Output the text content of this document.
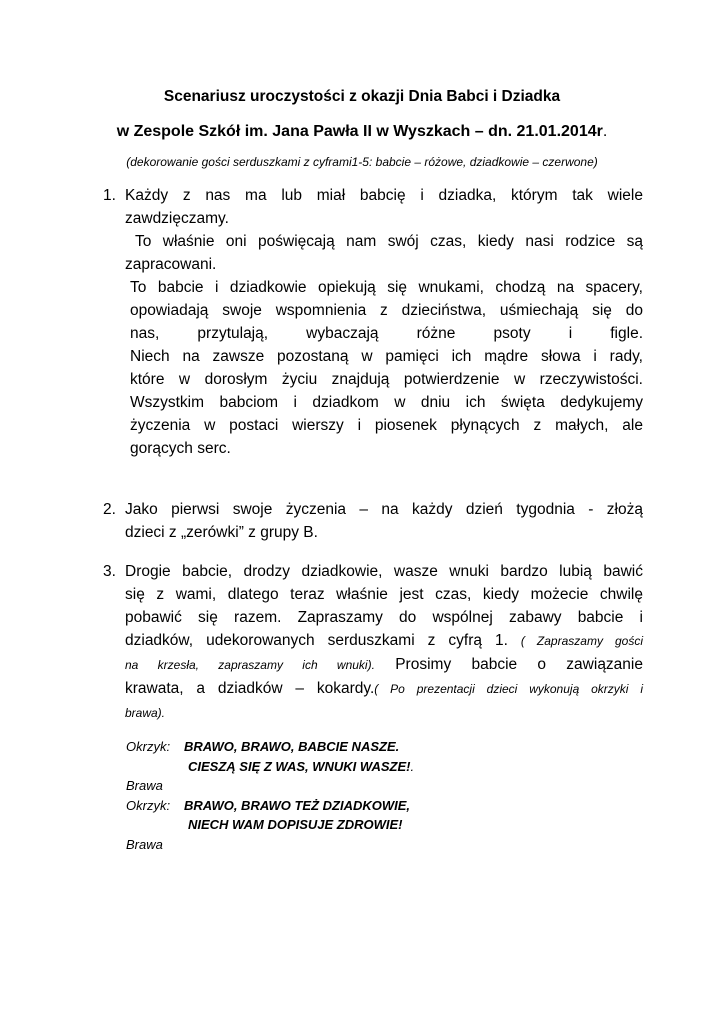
Scenariusz uroczystości z okazji Dnia Babci i Dziadka
w Zespole Szkół im. Jana Pawła II w Wyszkach – dn. 21.01.2014r.
(dekorowanie gości serduszkami z cyframi1-5: babcie – różowe, dziadkowie – czerwone)
1. Każdy z nas ma lub miał babcię i dziadka, którym tak wiele
zawdzięczamy.
To właśnie oni poświęcają nam swój czas, kiedy nasi rodzice są
zapracowani.
To babcie i dziadkowie opiekują się wnukami, chodzą na spacery,
opowiadają swoje wspomnienia z dzieciństwa, uśmiechają się do
nas, przytulają, wybaczają różne psoty i figle.
Niech na zawsze pozostaną w pamięci ich mądre słowa i rady,
które w dorosłym życiu znajdują potwierdzenie w rzeczywistości.
Wszystkim babciom i dziadkom w dniu ich święta dedykujemy
życzenia w postaci wierszy i piosenek płynących z małych, ale
gorących serc.
2. Jako pierwsi swoje życzenia – na każdy dzień tygodnia - złożą
dzieci z „zerówki” z grupy B.
3. Drogie babcie, drodzy dziadkowie, wasze wnuki bardzo lubią bawić
się z wami, dlatego teraz właśnie jest czas, kiedy możecie chwilę
pobawić się razem. Zapraszamy do wspólnej zabawy babcie i
dziadków, udekorowanych serduszkami z cyfrą 1. ( Zapraszamy gości
na krzesła, zapraszamy ich wnuki). Prosimy babcie o zawiązanie
krawata, a dziadków – kokardy.( Po prezentacji dzieci wykonują okrzyki i
brawa).
Okrzyk: BRAWO, BRAWO, BABCIE NASZE.
CIESZĄ SIĘ Z WAS, WNUKI WASZE!.
Brawa
Okrzyk: BRAWO, BRAWO TEŻ DZIADKOWIE,
NIECH WAM DOPISUJE ZDROWIE!
Brawa
